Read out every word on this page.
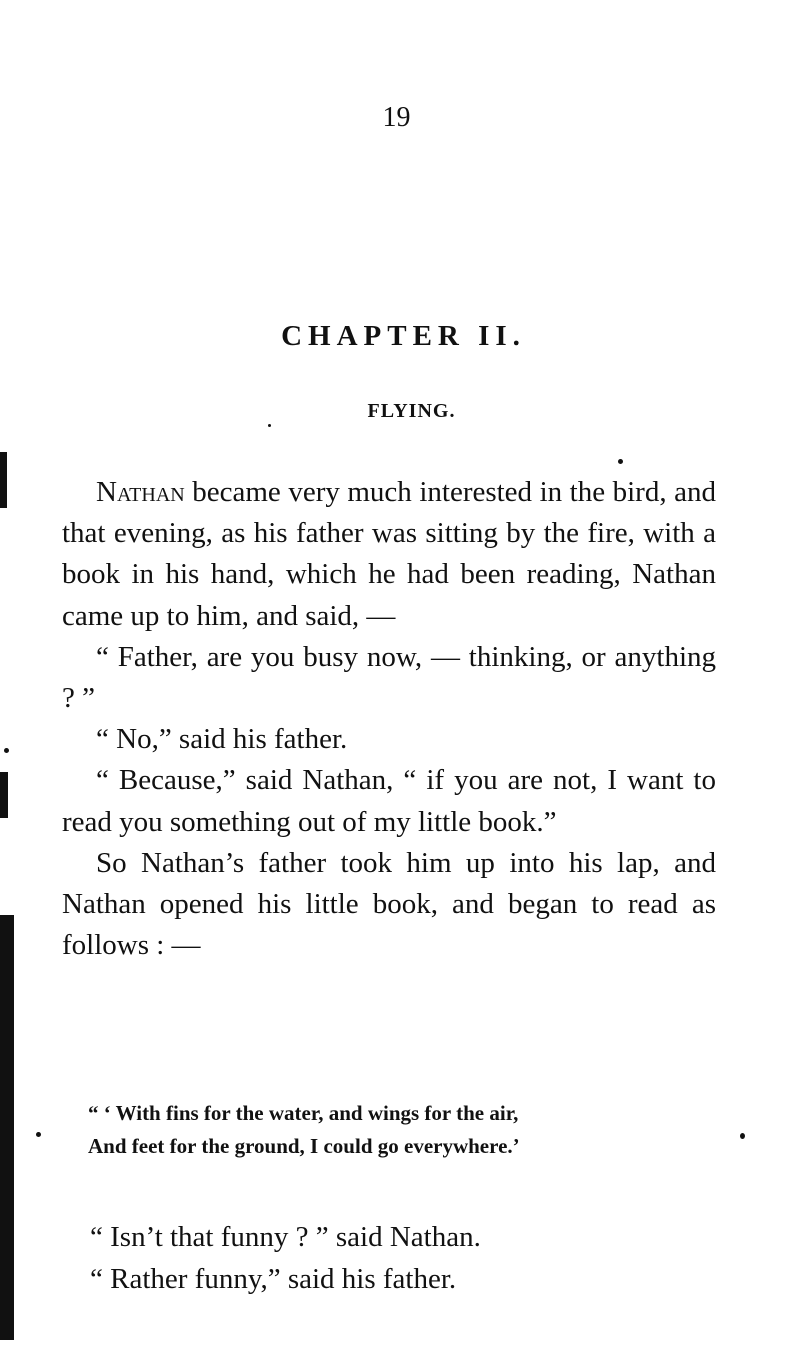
19
CHAPTER II.
FLYING.

Nathan became very much interested in the bird, and that evening, as his father was sitting by the fire, with a book in his hand, which he had been reading, Nathan came up to him, and said, —

“ Father, are you busy now, — thinking, or anything ? ”

“ No,” said his father.

“ Because,” said Nathan, “ if you are not, I want to read you something out of my little book.”

So Nathan’s father took him up into his lap, and Nathan opened his little book, and began to read as follows : —

“ ‘ With fins for the water, and wings for the air,
And feet for the ground, I could go everywhere.’

“ Isn’t that funny ? ” said Nathan.

“ Rather funny,” said his father.
